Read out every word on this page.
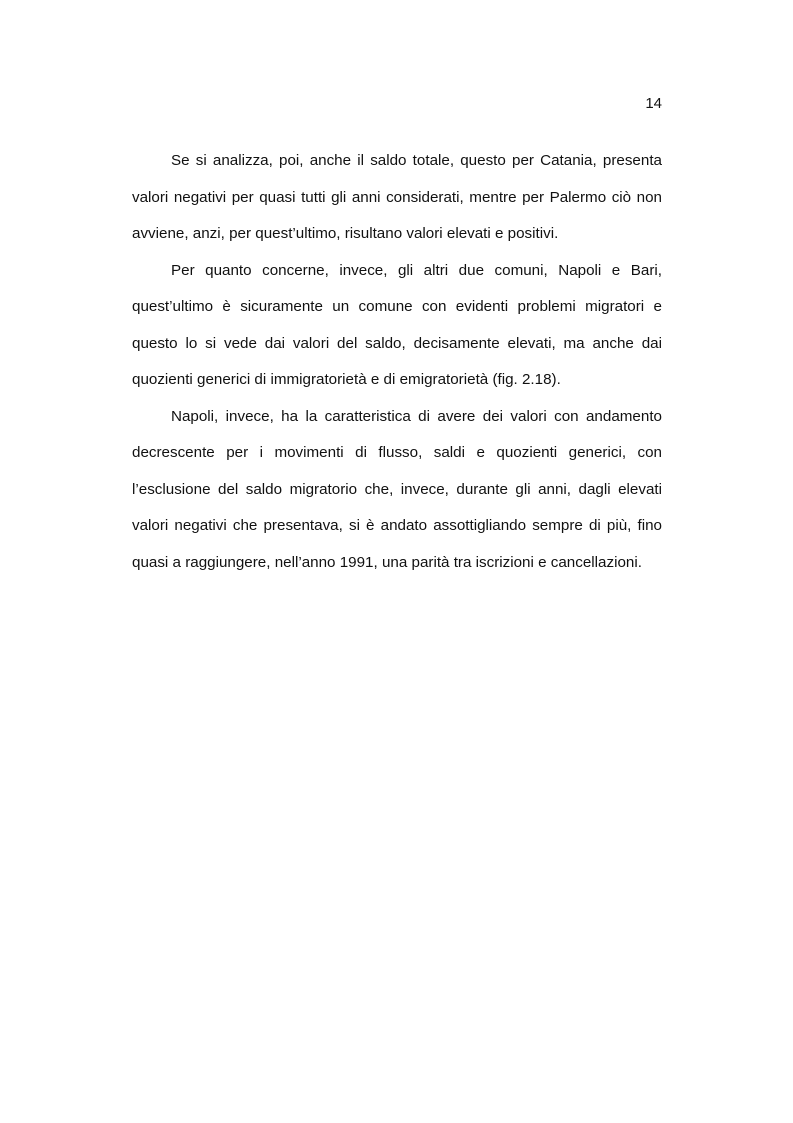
14

Se si analizza, poi, anche il saldo totale, questo per Catania, presenta valori negativi per quasi tutti gli anni considerati, mentre per Palermo ciò non avviene, anzi, per quest’ultimo, risultano valori elevati e positivi.

Per quanto concerne, invece, gli altri due comuni, Napoli e Bari, quest’ultimo è sicuramente un comune con evidenti problemi migratori e questo lo si vede dai valori del saldo, decisamente elevati, ma anche dai quozienti generici di immigratorietà e di emigratorietà (fig. 2.18).

Napoli, invece, ha la caratteristica di avere dei valori con andamento decrescente per i movimenti di flusso, saldi e quozienti generici, con l’esclusione del saldo migratorio che, invece, durante gli anni, dagli elevati valori negativi che presentava, si è andato assottigliando sempre di più, fino quasi a raggiungere, nell’anno 1991, una parità tra iscrizioni e cancellazioni.
